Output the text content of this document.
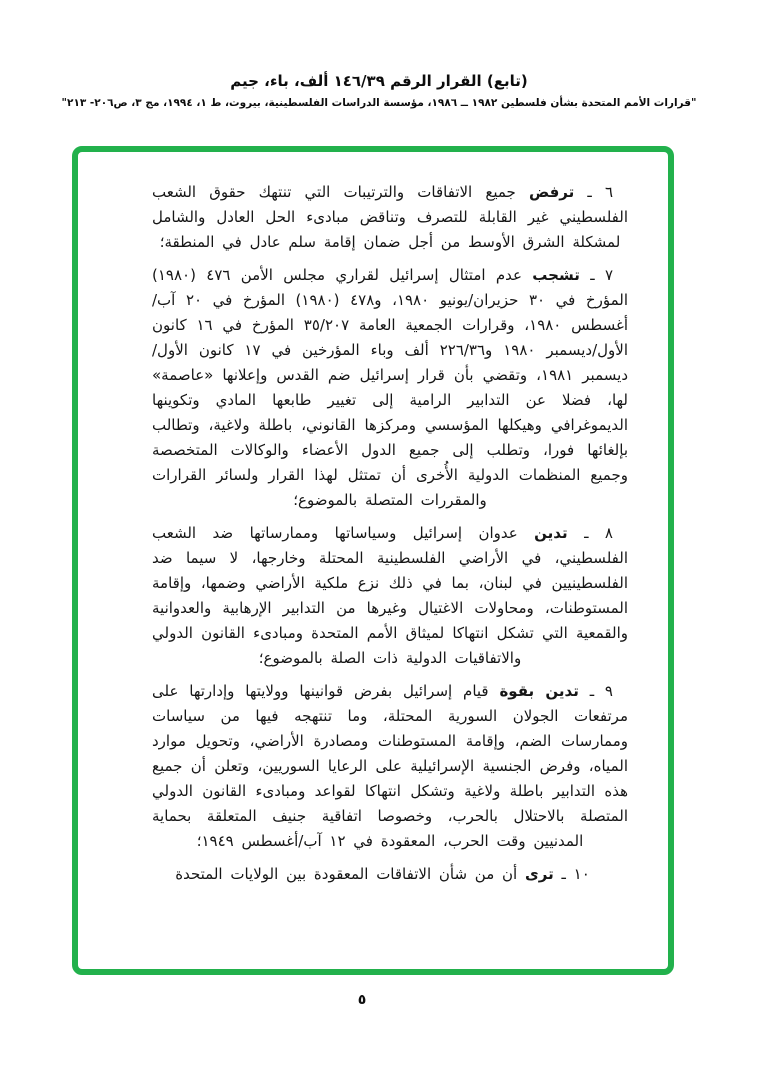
(تابع) القرار الرقم ١٤٦/٣٩ ألف، باء، جيم
"قرارات الأمم المتحدة بشأن فلسطين ١٩٨٢ ــ ١٩٨٦، مؤسسة الدراسات الفلسطينية، بيروت، ط ١، ١٩٩٤، مج ٣، ص٢٠٦- ٢١٣"

٦ ـ ترفض جميع الاتفاقات والترتيبات التي تنتهك حقوق الشعب الفلسطيني غير القابلة للتصرف وتناقض مبادىء الحل العادل والشامل لمشكلة الشرق الأوسط من أجل ضمان إقامة سلم عادل في المنطقة؛

٧ ـ تشجب عدم امتثال إسرائيل لقراري مجلس الأمن ٤٧٦ (١٩٨٠) المؤرخ في ٣٠ حزيران/يونيو ١٩٨٠، و٤٧٨ (١٩٨٠) المؤرخ في ٢٠ آب/أغسطس ١٩٨٠، وقرارات الجمعية العامة ٣٥/٢٠٧ المؤرخ في ١٦ كانون الأول/ديسمبر ١٩٨٠ و٢٢٦/٣٦ ألف وباء المؤرخين في ١٧ كانون الأول/ديسمبر ١٩٨١، وتقضي بأن قرار إسرائيل ضم القدس وإعلانها «عاصمة» لها، فضلا عن التدابير الرامية إلى تغيير طابعها المادي وتكوينها الديموغرافي وهيكلها المؤسسي ومركزها القانوني، باطلة ولاغية، وتطالب بإلغائها فورا، وتطلب إلى جميع الدول الأعضاء والوكالات المتخصصة وجميع المنظمات الدولية الأُخرى أن تمتثل لهذا القرار ولسائر القرارات والمقررات المتصلة بالموضوع؛

٨ ـ تدين عدوان إسرائيل وسياساتها وممارساتها ضد الشعب الفلسطيني، في الأراضي الفلسطينية المحتلة وخارجها، لا سيما ضد الفلسطينيين في لبنان، بما في ذلك نزع ملكية الأراضي وضمها، وإقامة المستوطنات، ومحاولات الاغتيال وغيرها من التدابير الإرهابية والعدوانية والقمعية التي تشكل انتهاكا لميثاق الأمم المتحدة ومبادىء القانون الدولي والاتفاقيات الدولية ذات الصلة بالموضوع؛

٩ ـ تدين بقوة قيام إسرائيل بفرض قوانينها وولايتها وإدارتها على مرتفعات الجولان السورية المحتلة، وما تنتهجه فيها من سياسات وممارسات الضم، وإقامة المستوطنات ومصادرة الأراضي، وتحويل موارد المياه، وفرض الجنسية الإسرائيلية على الرعايا السوريين، وتعلن أن جميع هذه التدابير باطلة ولاغية وتشكل انتهاكا لقواعد ومبادىء القانون الدولي المتصلة بالاحتلال بالحرب، وخصوصا اتفاقية جنيف المتعلقة بحماية المدنيين وقت الحرب، المعقودة في ١٢ آب/أغسطس ١٩٤٩؛

١٠ ـ ترى أن من شأن الاتفاقات المعقودة بين الولايات المتحدة

٥
